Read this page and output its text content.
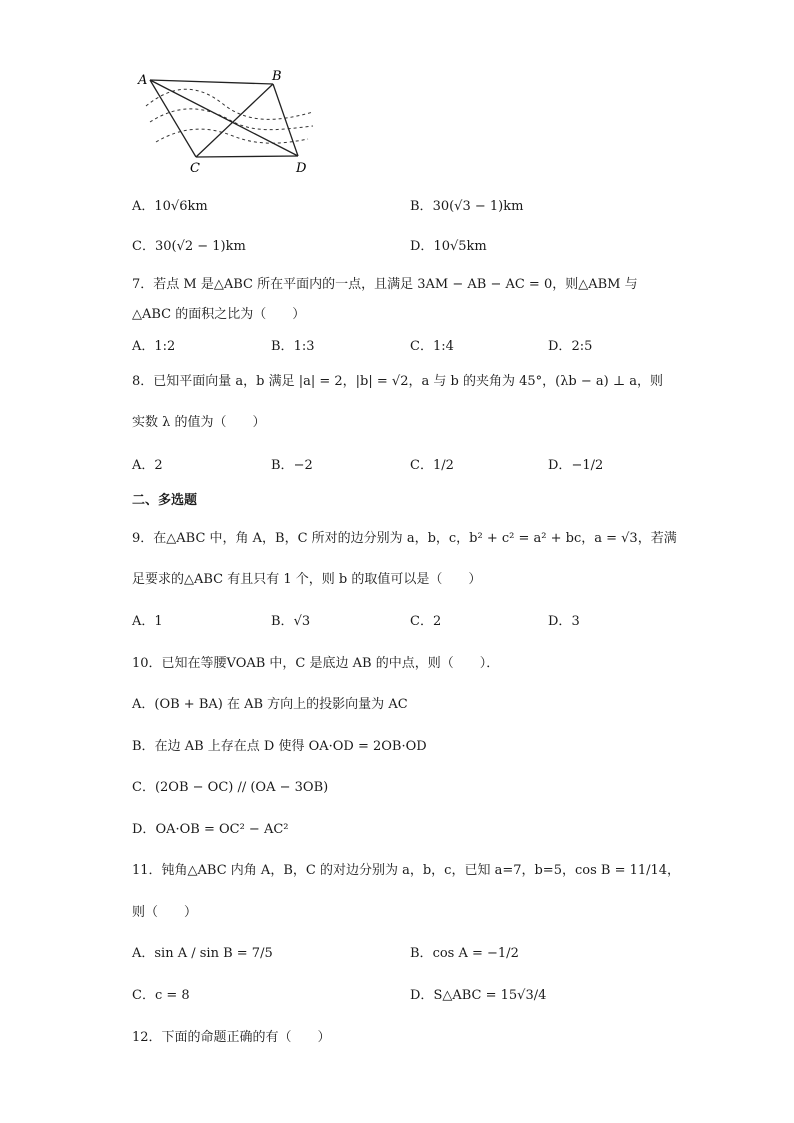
A	B
C	D
A．10√6km	B．30(√3 − 1)km
C．30(√2 − 1)km	D．10√5km
7．若点 M 是△ABC 所在平面内的一点，且满足 3AM − AB − AC = 0，则△ABM 与
△ABC 的面积之比为（　　）
A．1:2	B．1:3	C．1:4	D．2:5
8．已知平面向量 a，b 满足 |a| = 2，|b| = √2，a 与 b 的夹角为 45°，(λb − a) ⊥ a，则
实数 λ 的值为（　　）
A．2	B．−2	C．1/2	D．−1/2
二、多选题
9．在△ABC 中，角 A，B，C 所对的边分别为 a，b，c，b² + c² = a² + bc，a = √3，若满
足要求的△ABC 有且只有 1 个，则 b 的取值可以是（　　）
A．1	B．√3	C．2	D．3
10．已知在等腰VOAB 中，C 是底边 AB 的中点，则（　　）．
A．(OB + BA) 在 AB 方向上的投影向量为 AC
B．在边 AB 上存在点 D 使得 OA·OD = 2OB·OD
C．(2OB − OC) // (OA − 3OB)
D．OA·OB = OC² − AC²
11．钝角△ABC 内角 A，B，C 的对边分别为 a，b，c，已知 a=7，b=5，cos B = 11/14，
则（　　）
A．sin A / sin B = 7/5	B．cos A = −1/2
C．c = 8	D．S△ABC = 15√3/4
12．下面的命题正确的有（　　）
